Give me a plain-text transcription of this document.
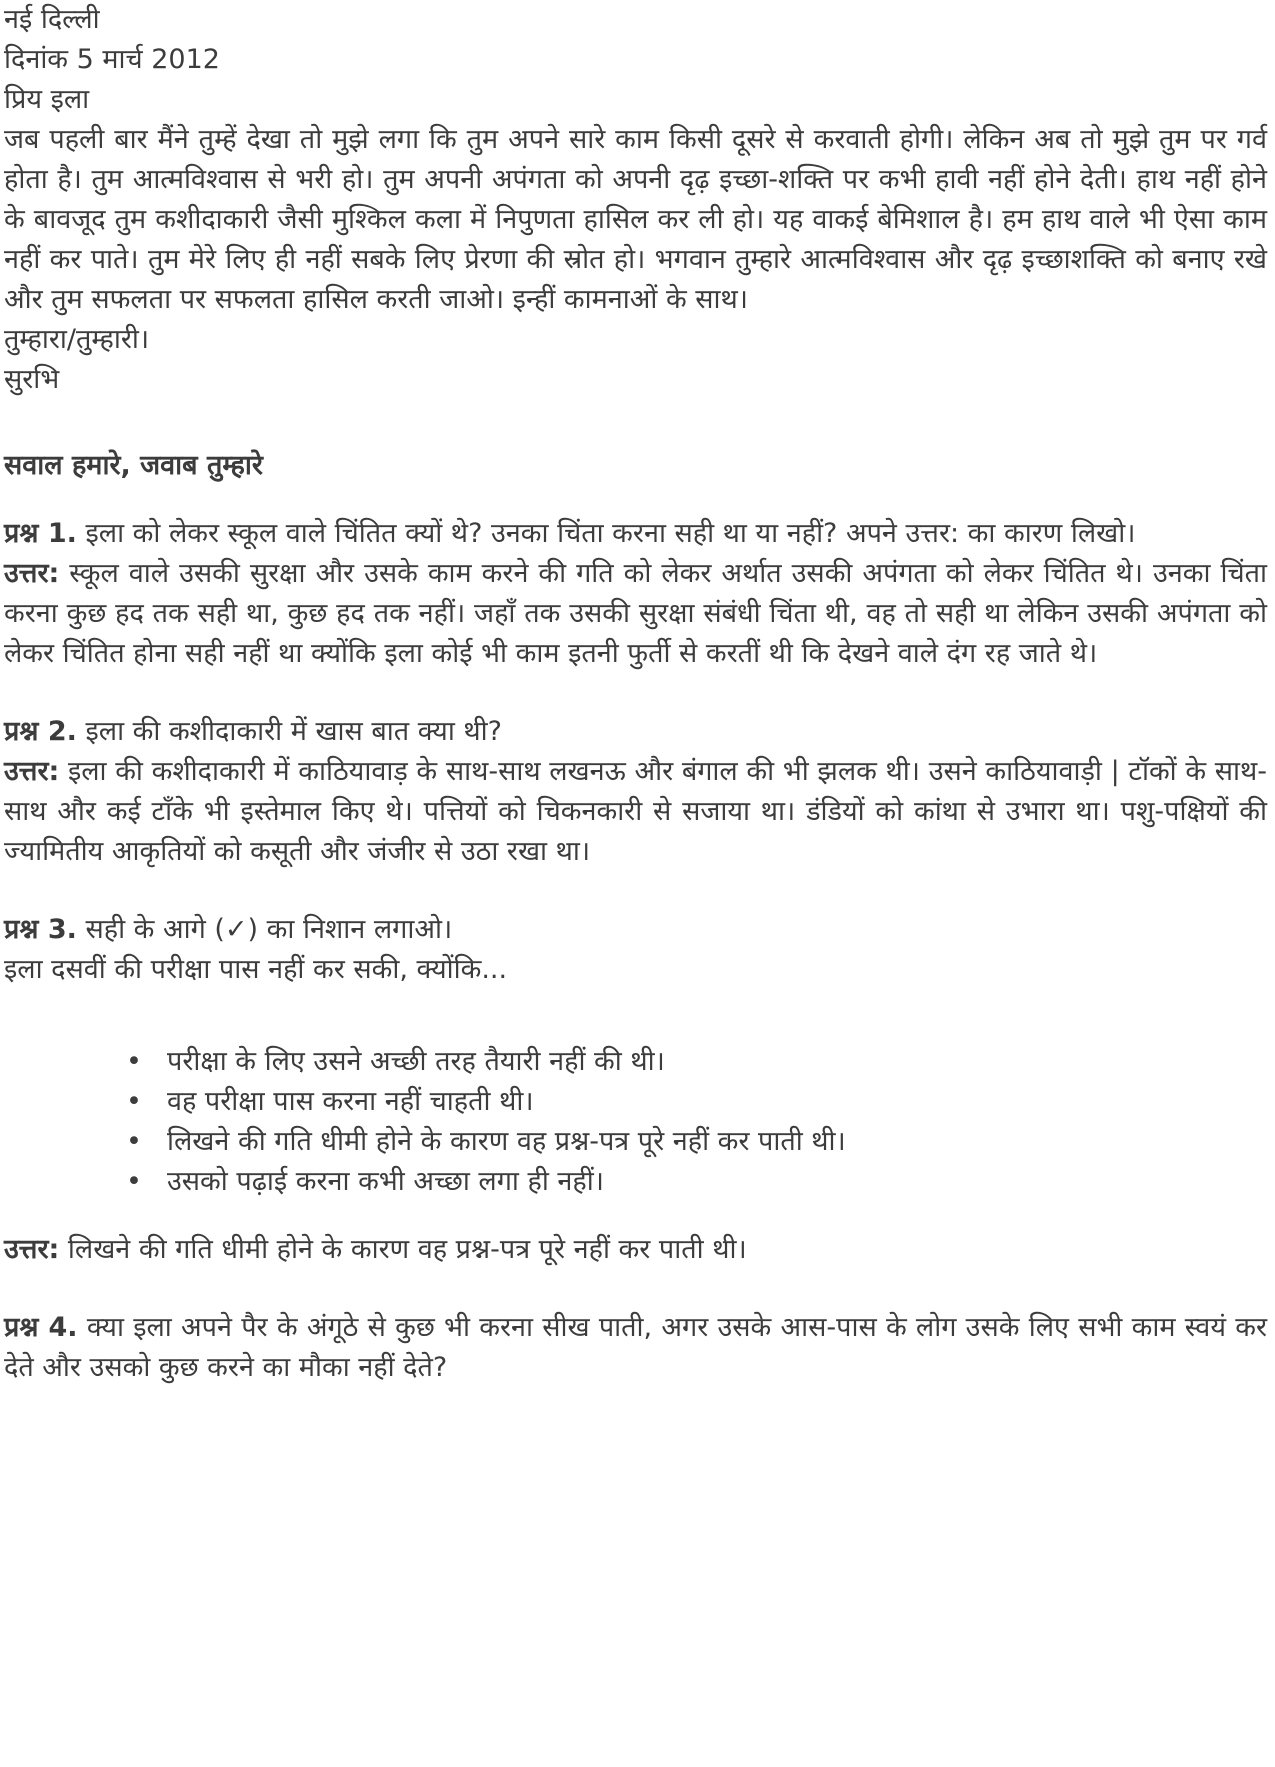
नई दिल्ली
दिनांक 5 मार्च 2012
प्रिय इला

जब पहली बार मैंने तुम्हें देखा तो मुझे लगा कि तुम अपने सारे काम किसी दूसरे से करवाती होगी। लेकिन अब तो मुझे तुम पर गर्व होता है। तुम आत्मविश्वास से भरी हो। तुम अपनी अपंगता को अपनी दृढ़ इच्छा-शक्ति पर कभी हावी नहीं होने देती। हाथ नहीं होने के बावजूद तुम कशीदाकारी जैसी मुश्किल कला में निपुणता हासिल कर ली हो। यह वाकई बेमिशाल है। हम हाथ वाले भी ऐसा काम नहीं कर पाते। तुम मेरे लिए ही नहीं सबके लिए प्रेरणा की स्रोत हो। भगवान तुम्हारे आत्मविश्वास और दृढ़ इच्छाशक्ति को बनाए रखे और तुम सफलता पर सफलता हासिल करती जाओ। इन्हीं कामनाओं के साथ।

तुम्हारा/तुम्हारी।
सुरभि
सवाल हमारे, जवाब तुम्हारे

प्रश्न 1. इला को लेकर स्कूल वाले चिंतित क्यों थे? उनका चिंता करना सही था या नहीं? अपने उत्तर: का कारण लिखो।

उत्तर: स्कूल वाले उसकी सुरक्षा और उसके काम करने की गति को लेकर अर्थात उसकी अपंगता को लेकर चिंतित थे। उनका चिंता करना कुछ हद तक सही था, कुछ हद तक नहीं। जहाँ तक उसकी सुरक्षा संबंधी चिंता थी, वह तो सही था लेकिन उसकी अपंगता को लेकर चिंतित होना सही नहीं था क्योंकि इला कोई भी काम इतनी फुर्ती से करतीं थी कि देखने वाले दंग रह जाते थे।

प्रश्न 2. इला की कशीदाकारी में खास बात क्या थी?

उत्तर: इला की कशीदाकारी में काठियावाड़ के साथ-साथ लखनऊ और बंगाल की भी झलक थी। उसने काठियावाड़ी | टॉकों के साथ-साथ और कई टाँके भी इस्तेमाल किए थे। पत्तियों को चिकनकारी से सजाया था। डंडियों को कांथा से उभारा था। पशु-पक्षियों की ज्यामितीय आकृतियों को कसूती और जंजीर से उठा रखा था।

प्रश्न 3. सही के आगे (✓) का निशान लगाओ।

इला दसवीं की परीक्षा पास नहीं कर सकी, क्योंकि...

• परीक्षा के लिए उसने अच्छी तरह तैयारी नहीं की थी।
• वह परीक्षा पास करना नहीं चाहती थी।
• लिखने की गति धीमी होने के कारण वह प्रश्न-पत्र पूरे नहीं कर पाती थी।
• उसको पढ़ाई करना कभी अच्छा लगा ही नहीं।

उत्तर: लिखने की गति धीमी होने के कारण वह प्रश्न-पत्र पूरे नहीं कर पाती थी।

प्रश्न 4. क्या इला अपने पैर के अंगूठे से कुछ भी करना सीख पाती, अगर उसके आस-पास के लोग उसके लिए सभी काम स्वयं कर देते और उसको कुछ करने का मौका नहीं देते?
